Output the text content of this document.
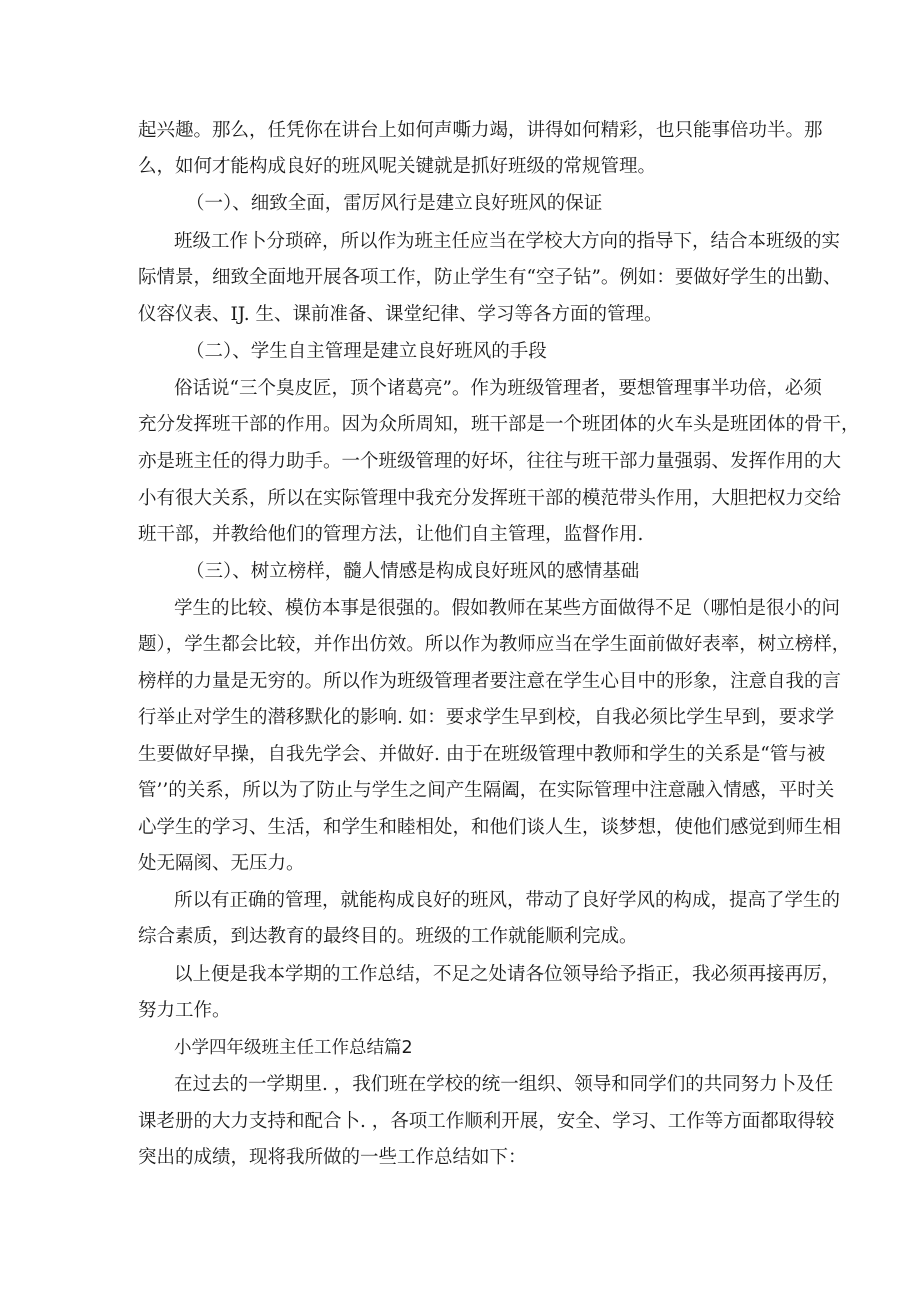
起兴趣。那么，任凭你在讲台上如何声嘶力竭，讲得如何精彩，也只能事倍功半。那
么，如何才能构成良好的班风呢关键就是抓好班级的常规管理。
（一）、细致全面，雷厉风行是建立良好班风的保证
班级工作卜分琐碎，所以作为班主任应当在学校大方向的指导下，结合本班级的实
际情景，细致全面地开展各项工作，防止学生有“空子钻”。例如：要做好学生的出勤、
仪容仪表、IJ. 生、课前准备、课堂纪律、学习等各方面的管理。
（二）、学生自主管理是建立良好班风的手段
俗话说“三个臭皮匠，顶个诸葛亮”。作为班级管理者，要想管理事半功倍，必须
充分发挥班干部的作用。因为众所周知，班干部是一个班团体的火车头是班团体的骨干，
亦是班主任的得力助手。一个班级管理的好坏，往往与班干部力量强弱、发挥作用的大
小有很大关系，所以在实际管理中我充分发挥班干部的模范带头作用，大胆把权力交给
班干部，并教给他们的管理方法，让他们自主管理，监督作用.
（三）、树立榜样，髓人情感是构成良好班风的感情基础
学生的比较、模仿本事是很强的。假如教师在某些方面做得不足（哪怕是很小的问
题），学生都会比较，并作出仿效。所以作为教师应当在学生面前做好表率，树立榜样，
榜样的力量是无穷的。所以作为班级管理者要注意在学生心目中的形象，注意自我的言
行举止对学生的潜移默化的影响. 如：要求学生早到校，自我必须比学生早到，要求学
生要做好早操，自我先学会、并做好. 由于在班级管理中教师和学生的关系是“管与被
管’’的关系，所以为了防止与学生之间产生隔阖，在实际管理中注意融入情感，平时关
心学生的学习、生活，和学生和睦相处，和他们谈人生，谈梦想，使他们感觉到师生相
处无隔阂、无压力。
所以有正确的管理，就能构成良好的班风，带动了良好学风的构成，提高了学生的
综合素质，到达教育的最终目的。班级的工作就能顺利完成。
以上便是我本学期的工作总结，不足之处请各位领导给予指正，我必须再接再厉，
努力工作。
小学四年级班主任工作总结篇2
在过去的一学期里. ，我们班在学校的统一组织、领导和同学们的共同努力卜及任
课老册的大力支持和配合卜. ，各项工作顺利开展，安全、学习、工作等方面都取得较
突出的成绩，现将我所做的一些工作总结如下：
